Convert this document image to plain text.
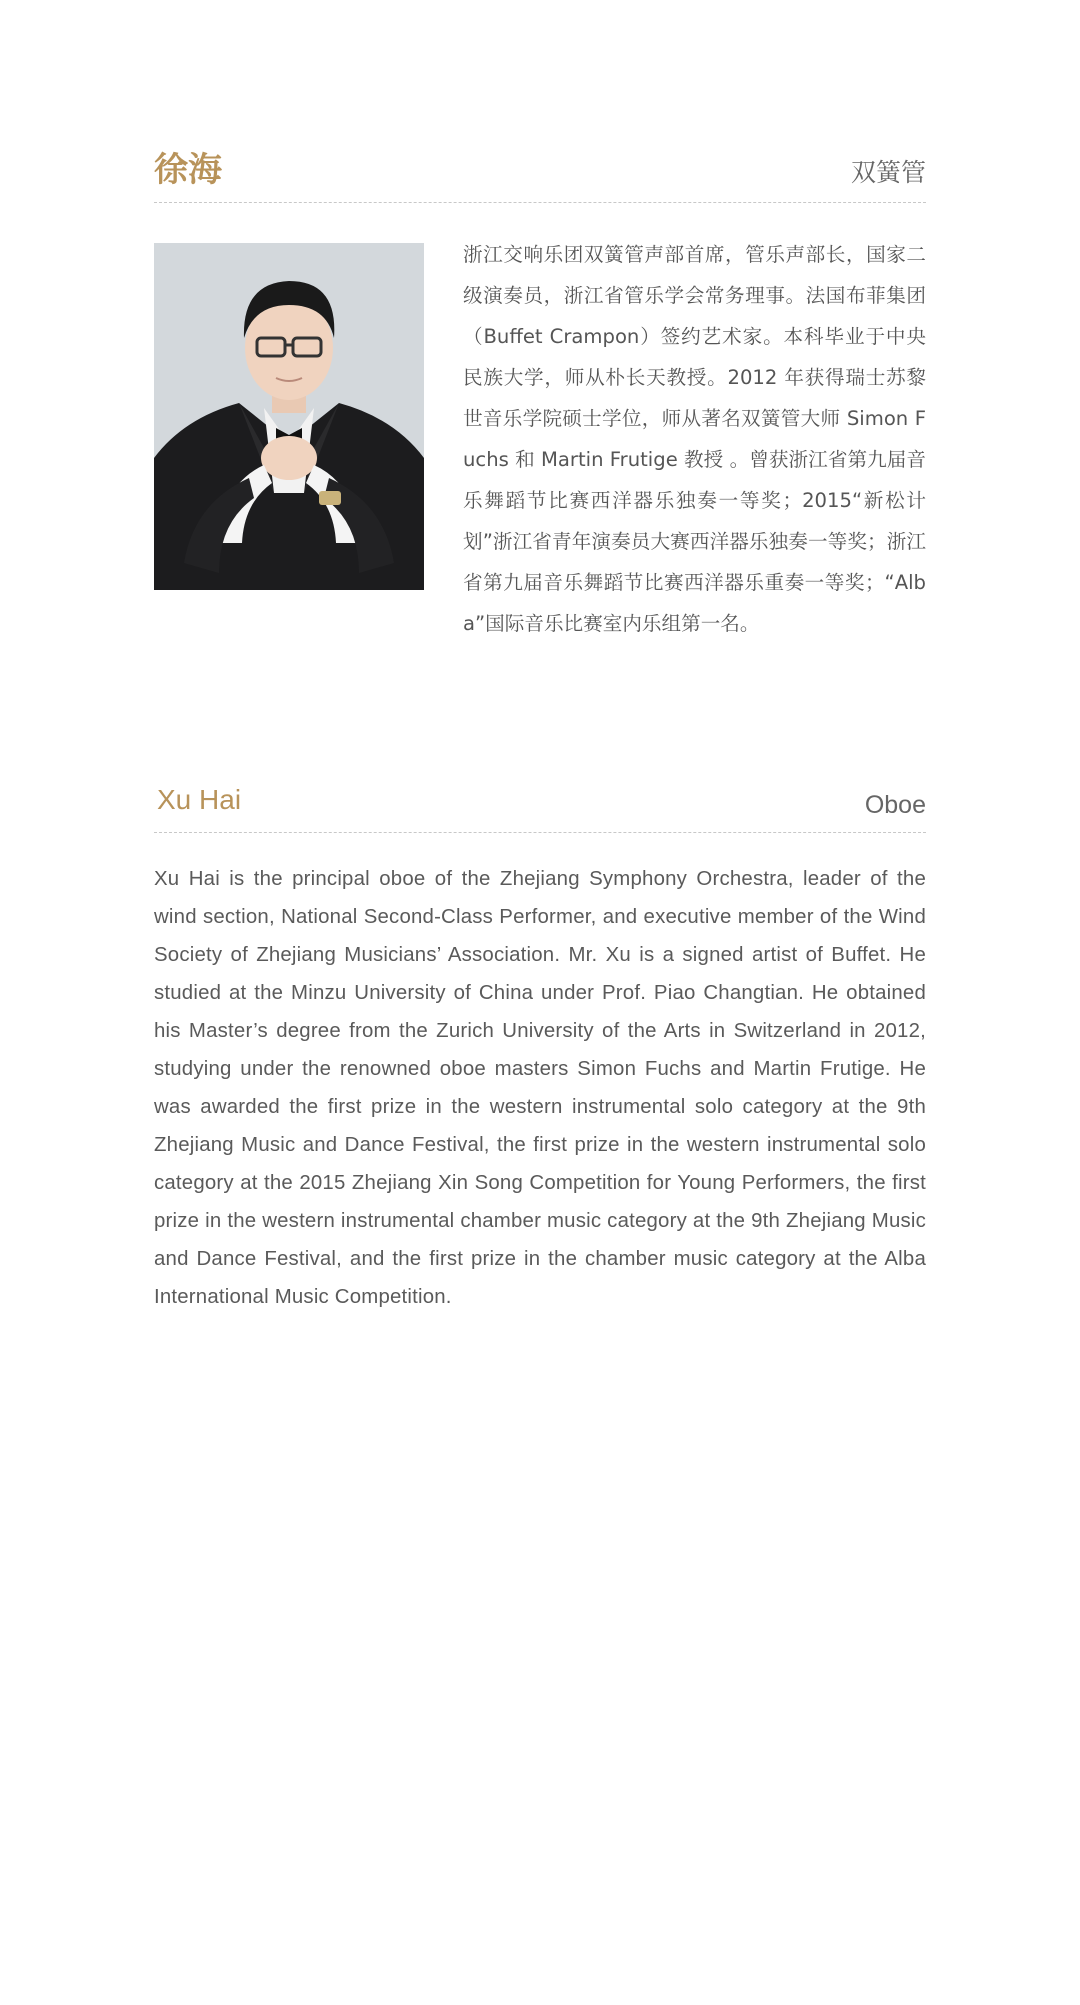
徐海	双簧管
浙江交响乐团双簧管声部首席，管乐声部长，国家二级演奏员，浙江省管乐学会常务理事。法国布菲集团（Buffet Crampon）签约艺术家。本科毕业于中央民族大学，师从朴长天教授。2012 年获得瑞士苏黎世音乐学院硕士学位，师从著名双簧管大师 Simon Fuchs 和 Martin Frutige 教授 。曾获浙江省第九届音乐舞蹈节比赛西洋器乐独奏一等奖；2015“新松计划”浙江省青年演奏员大赛西洋器乐独奏一等奖；浙江省第九届音乐舞蹈节比赛西洋器乐重奏一等奖；“Alba”国际音乐比赛室内乐组第一名。
Xu Hai	Oboe
Xu Hai is the principal oboe of the Zhejiang Symphony Orchestra, leader of the wind section, National Second-Class Performer, and executive member of the Wind Society of Zhejiang Musicians’ Association. Mr. Xu is a signed artist of Buffet. He studied at the Minzu University of China under Prof. Piao Changtian. He obtained his Master’s degree from the Zurich University of the Arts in Switzerland in 2012, studying under the renowned oboe masters Simon Fuchs and Martin Frutige. He was awarded the first prize in the western instrumental solo category at the 9th Zhejiang Music and Dance Festival, the first prize in the western instrumental solo category at the 2015 Zhejiang Xin Song Competition for Young Performers, the first prize in the western instrumental chamber music category at the 9th Zhejiang Music and Dance Festival, and the first prize in the chamber music category at the Alba International Music Competition.
